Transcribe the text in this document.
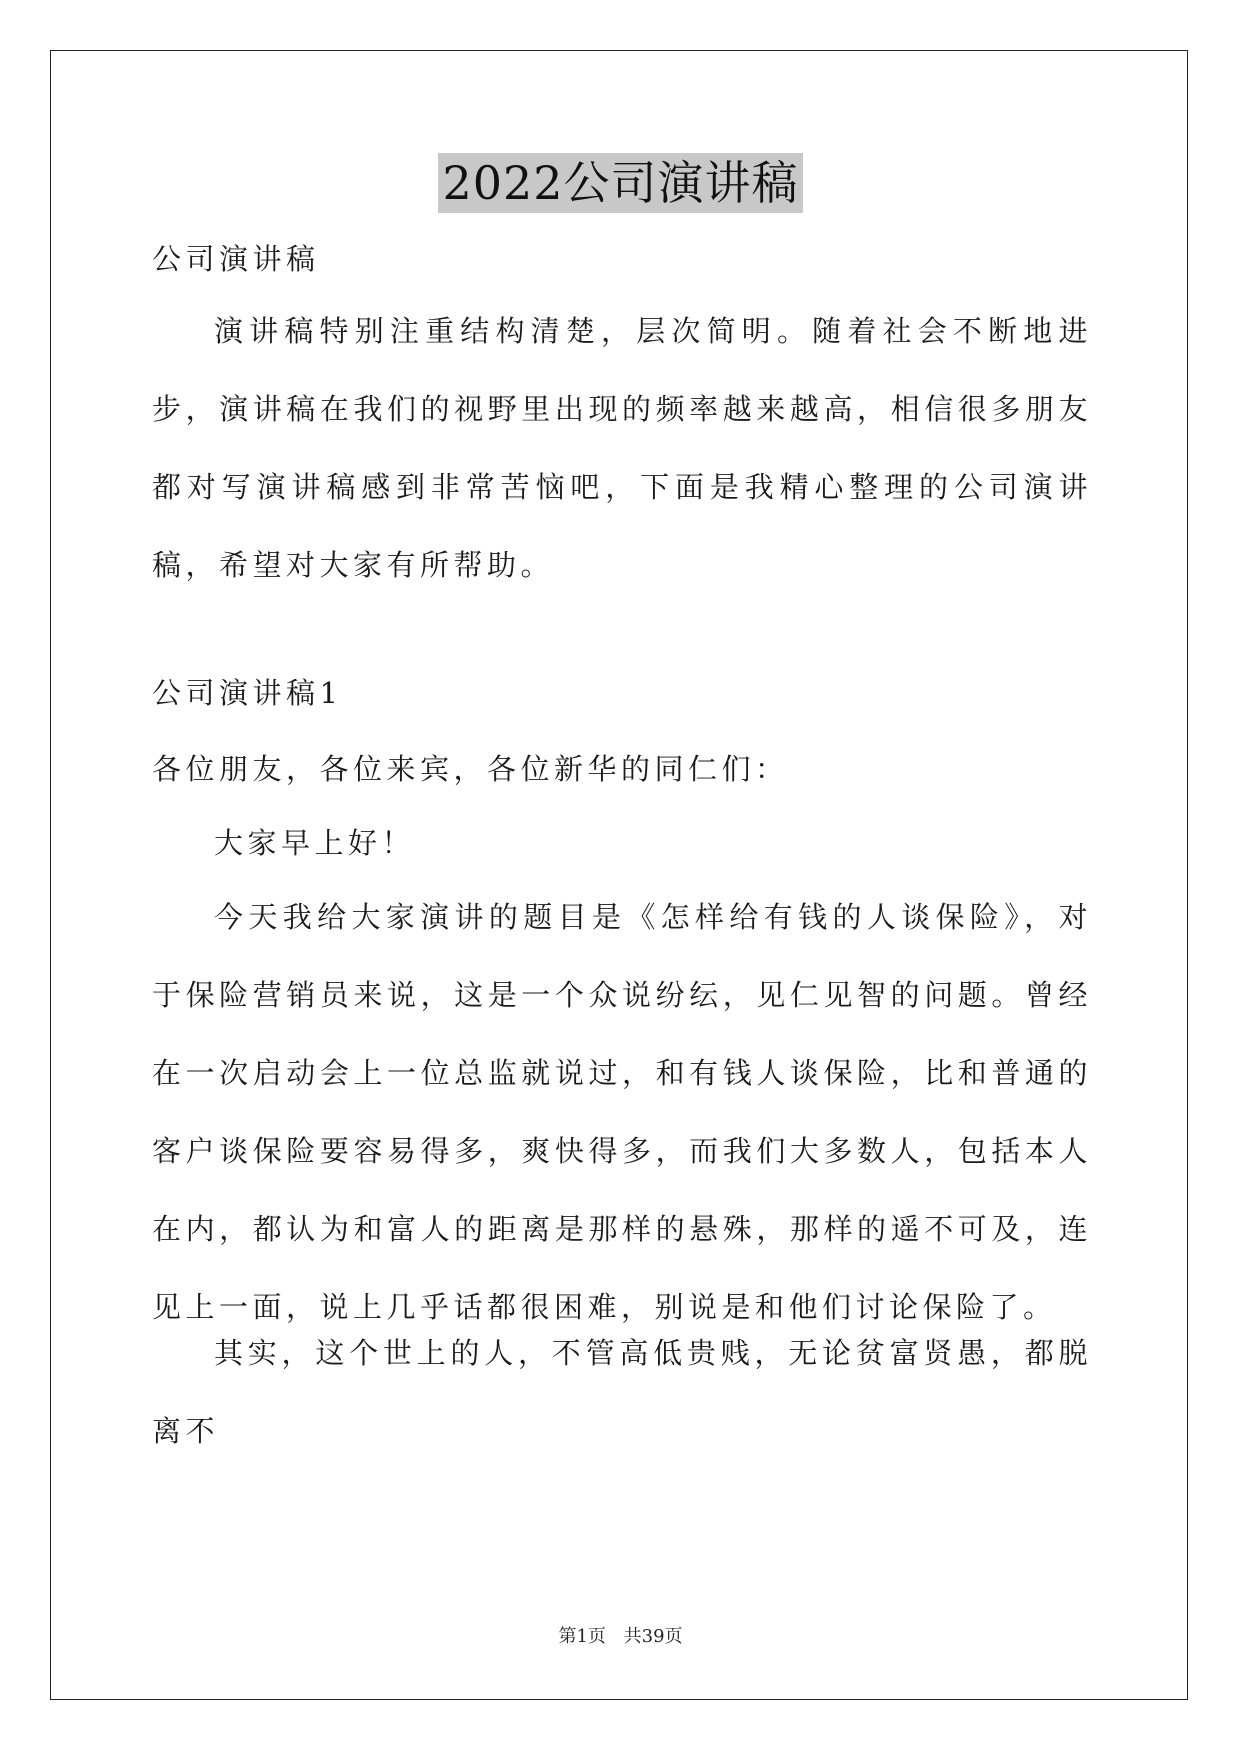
2022公司演讲稿

公司演讲稿

演讲稿特别注重结构清楚，层次简明。随着社会不断地进步，演讲稿在我们的视野里出现的频率越来越高，相信很多朋友都对写演讲稿感到非常苦恼吧，下面是我精心整理的公司演讲稿，希望对大家有所帮助。

公司演讲稿1

各位朋友，各位来宾，各位新华的同仁们：

大家早上好！

今天我给大家演讲的题目是《怎样给有钱的人谈保险》，对于保险营销员来说，这是一个众说纷纭，见仁见智的问题。曾经在一次启动会上一位总监就说过，和有钱人谈保险，比和普通的客户谈保险要容易得多，爽快得多，而我们大多数人，包括本人在内，都认为和富人的距离是那样的悬殊，那样的遥不可及，连见上一面，说上几乎话都很困难，别说是和他们讨论保险了。

其实，这个世上的人，不管高低贵贱，无论贫富贤愚，都脱离不

第1页 共39页
